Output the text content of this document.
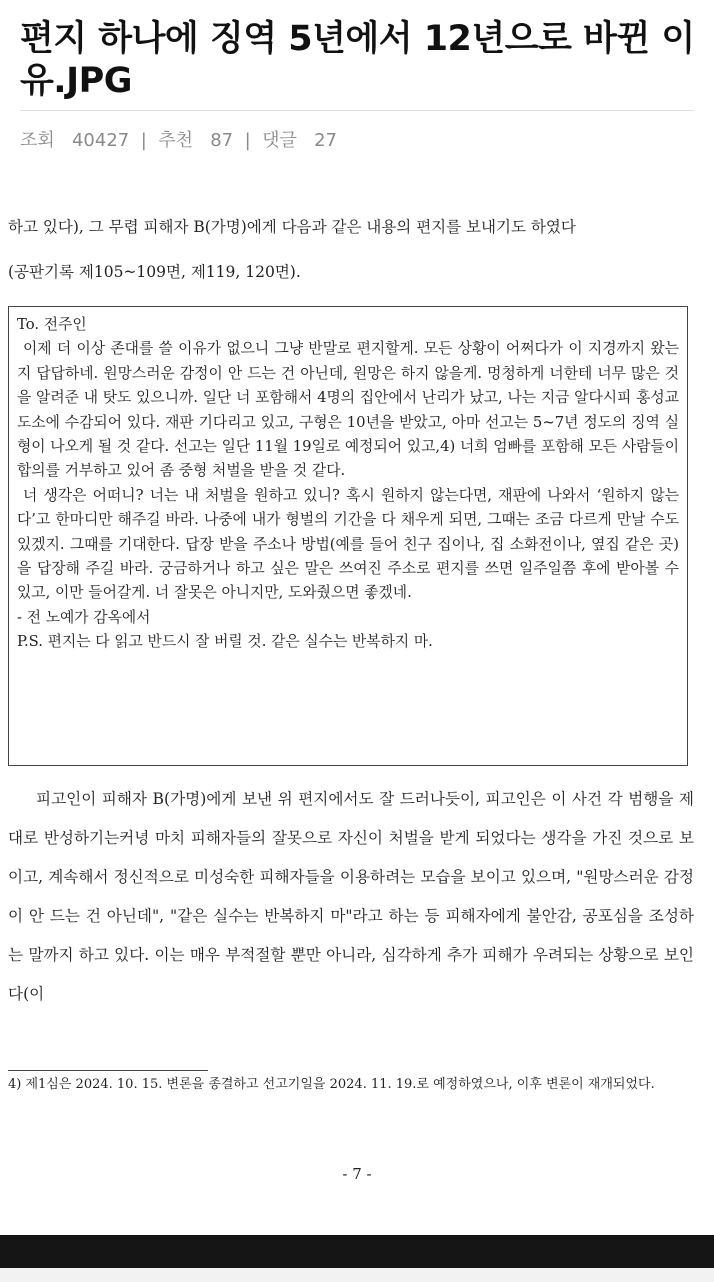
편지 하나에 징역 5년에서 12년으로 바뀐 이유.JPG
조회 40427  |  추천 87  |  댓글 27

하고 있다), 그 무렵 피해자 B(가명)에게 다음과 같은 내용의 편지를 보내기도 하였다

(공판기록 제105~109면, 제119, 120면).

To. 전주인

이제 더 이상 존대를 쓸 이유가 없으니 그냥 반말로 편지할게. 모든 상황이 어쩌다가 이 지경까지 왔는지 답답하네. 원망스러운 감정이 안 드는 건 아닌데, 원망은 하지 않을게. 멍청하게 너한테 너무 많은 것을 알려준 내 탓도 있으니까. 일단 너 포함해서 4명의 집안에서 난리가 났고, 나는 지금 알다시피 홍성교도소에 수감되어 있다. 재판 기다리고 있고, 구형은 10년을 받았고, 아마 선고는 5~7년 정도의 징역 실형이 나오게 될 것 같다. 선고는 일단 11월 19일로 예정되어 있고,4) 너희 엄빠를 포함해 모든 사람들이 합의를 거부하고 있어 좀 중형 처벌을 받을 것 같다.

너 생각은 어떠니? 너는 내 처벌을 원하고 있니? 혹시 원하지 않는다면, 재판에 나와서 ‘원하지 않는다’고 한마디만 해주길 바라. 나중에 내가 형벌의 기간을 다 채우게 되면, 그때는 조금 다르게 만날 수도 있겠지. 그때를 기대한다. 답장 받을 주소나 방법(예를 들어 친구 집이나, 집 소화전이나, 옆집 같은 곳)을 답장해 주길 바라. 궁금하거나 하고 싶은 말은 쓰여진 주소로 편지를 쓰면 일주일쯤 후에 받아볼 수 있고, 이만 들어갈게. 너 잘못은 아니지만, 도와줬으면 좋겠네.

- 전 노예가 감옥에서

P.S. 편지는 다 읽고 반드시 잘 버릴 것. 같은 실수는 반복하지 마.

피고인이 피해자 B(가명)에게 보낸 위 편지에서도 잘 드러나듯이, 피고인은 이 사건 각 범행을 제대로 반성하기는커녕 마치 피해자들의 잘못으로 자신이 처벌을 받게 되었다는 생각을 가진 것으로 보이고, 계속해서 정신적으로 미성숙한 피해자들을 이용하려는 모습을 보이고 있으며, "원망스러운 감정이 안 드는 건 아닌데", "같은 실수는 반복하지 마"라고 하는 등 피해자에게 불안감, 공포심을 조성하는 말까지 하고 있다. 이는 매우 부적절할 뿐만 아니라, 심각하게 추가 피해가 우려되는 상황으로 보인다(이

4) 제1심은 2024. 10. 15. 변론을 종결하고 선고기일을 2024. 11. 19.로 예정하였으나, 이후 변론이 재개되었다.

- 7 -
